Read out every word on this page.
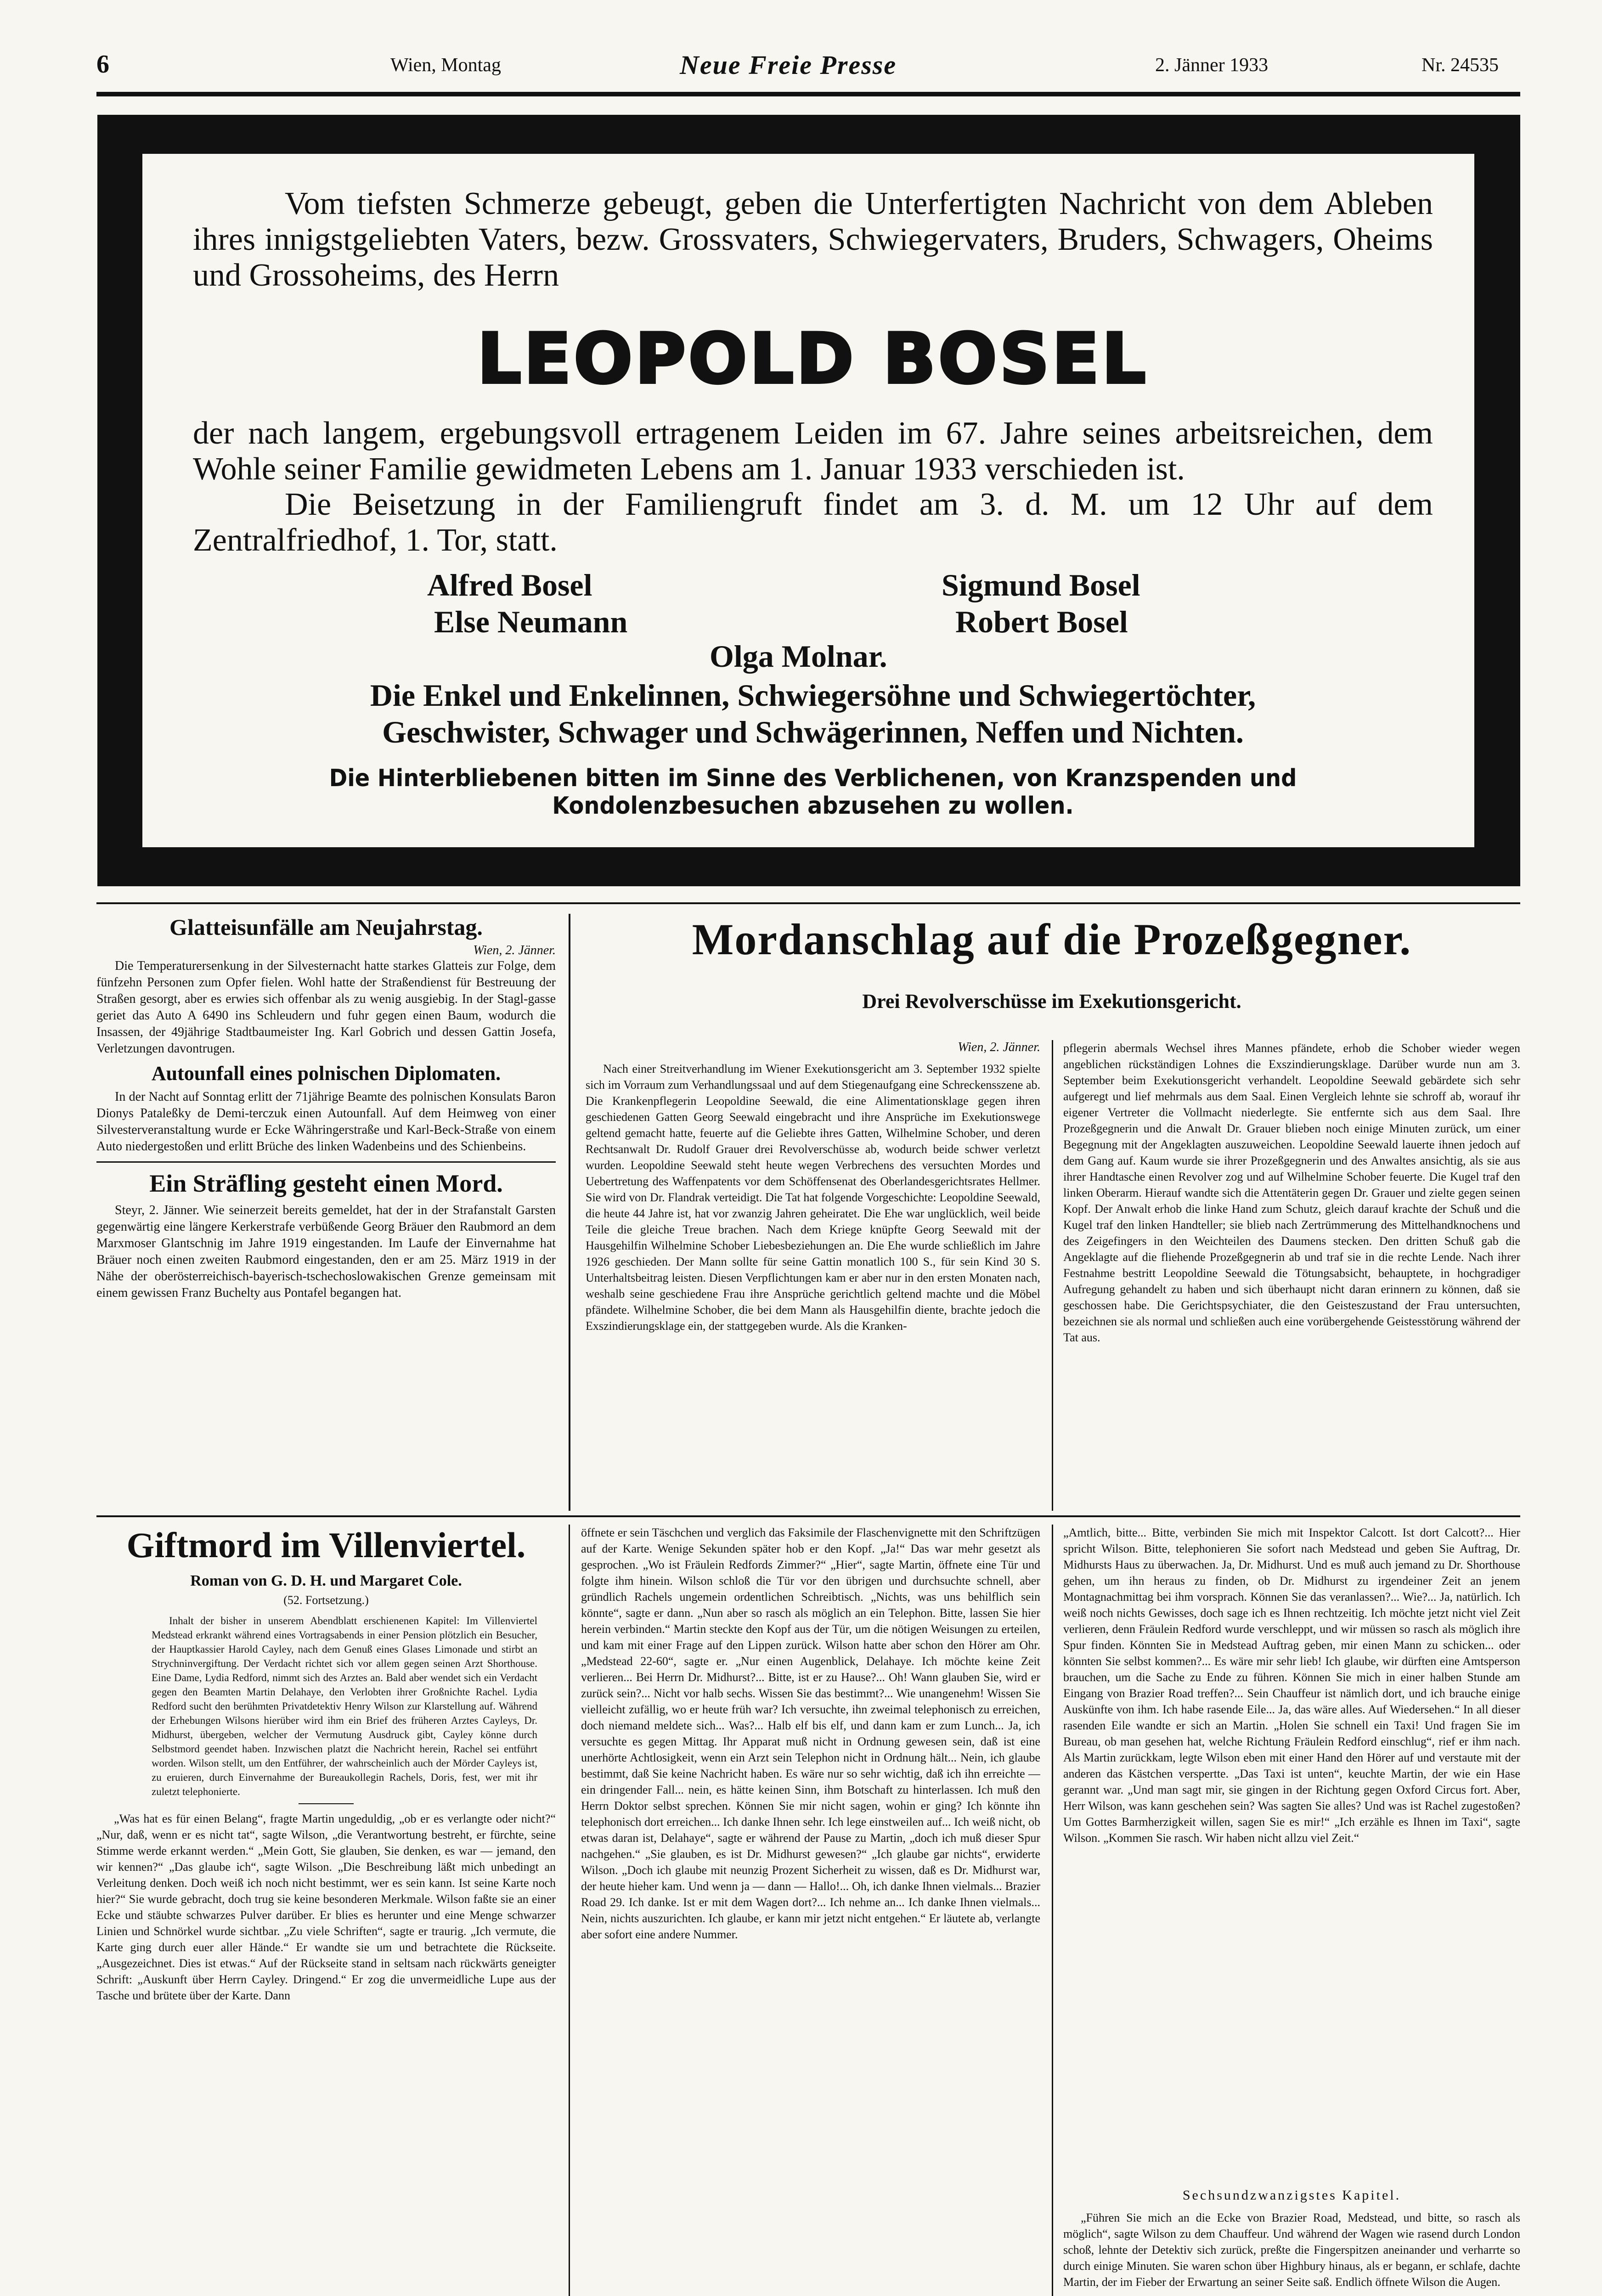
6	Wien, Montag	Neue Freie Presse	2. Jänner 1933	Nr. 24535
Vom tiefsten Schmerze gebeugt, geben die Unterfertigten Nachricht von dem Ableben ihres innigstgeliebten Vaters, bezw. Grossvaters, Schwiegervaters, Bruders, Schwagers, Oheims und Grossoheims, des Herrn
LEOPOLD BOSEL
der nach langem, ergebungsvoll ertragenem Leiden im 67. Jahre seines arbeitsreichen, dem Wohle seiner Familie gewidmeten Lebens am 1. Januar 1933 verschieden ist.
Die Beisetzung in der Familiengruft findet am 3. d. M. um 12 Uhr auf dem Zentralfriedhof, 1. Tor, statt.
Alfred Bosel	Sigmund Bosel
Else Neumann	Robert Bosel
Olga Molnar.
Die Enkel und Enkelinnen, Schwiegersöhne und Schwiegertöchter,
Geschwister, Schwager und Schwägerinnen, Neffen und Nichten.
Die Hinterbliebenen bitten im Sinne des Verblichenen, von Kranzspenden und Kondolenzbesuchen abzusehen zu wollen.
Glatteisunfälle am Neujahrstag.
Wien, 2. Jänner.

Die Temperaturersenkung in der Silvesternacht hatte starkes Glatteis zur Folge, dem fünfzehn Personen zum Opfer fielen. Wohl hatte der Straßendienst für Bestreuung der Straßen gesorgt, aber es erwies sich offenbar als zu wenig ausgiebig. In der Stagl-gasse geriet das Auto A 6490 ins Schleudern und fuhr gegen einen Baum, wodurch die Insassen, der 49jährige Stadtbaumeister Ing. Karl Gobrich und dessen Gattin Josefa, Verletzungen davontrugen.

Autounfall eines polnischen Diplomaten.

In der Nacht auf Sonntag erlitt der 71jährige Beamte des polnischen Konsulats Baron Dionys Pataleßky de Demi-terczuk einen Autounfall. Auf dem Heimweg von einer Silvesterveranstaltung wurde er Ecke Währingerstraße und Karl-Beck-Straße von einem Auto niedergestoßen und erlitt Brüche des linken Wadenbeins und des Schienbeins.

Ein Sträfling gesteht einen Mord.

Steyr, 2. Jänner. Wie seinerzeit bereits gemeldet, hat der in der Strafanstalt Garsten gegenwärtig eine längere Kerkerstrafe verbüßende Georg Bräuer den Raubmord an dem Marxmoser Glantschnig im Jahre 1919 eingestanden. Im Laufe der Einvernahme hat Bräuer noch einen zweiten Raubmord eingestanden, den er am 25. März 1919 in der Nähe der oberösterreichisch-bayerisch-tschechoslowakischen Grenze gemeinsam mit einem gewissen Franz Buchelty aus Pontafel begangen hat.

Mordanschlag auf die Prozeßgegner.
Drei Revolverschüsse im Exekutionsgericht.
Wien, 2. Jänner.

Nach einer Streitverhandlung im Wiener Exekutionsgericht am 3. September 1932 spielte sich im Vorraum zum Verhandlungssaal und auf dem Stiegenaufgang eine Schreckensszene ab. Die Krankenpflegerin Leopoldine Seewald, die eine Alimentationsklage gegen ihren geschiedenen Gatten Georg Seewald eingebracht und ihre Ansprüche im Exekutionswege geltend gemacht hatte, feuerte auf die Geliebte ihres Gatten, Wilhelmine Schober, und deren Rechtsanwalt Dr. Rudolf Grauer drei Revolverschüsse ab, wodurch beide schwer verletzt wurden. Leopoldine Seewald steht heute wegen Verbrechens des versuchten Mordes und Uebertretung des Waffenpatents vor dem Schöffensenat des Oberlandesgerichtsrates Hellmer. Sie wird von Dr. Flandrak verteidigt. Die Tat hat folgende Vorgeschichte: Leopoldine Seewald, die heute 44 Jahre ist, hat vor zwanzig Jahren geheiratet. Die Ehe war unglücklich, weil beide Teile die gleiche Treue brachen. Nach dem Kriege knüpfte Georg Seewald mit der Hausgehilfin Wilhelmine Schober Liebesbeziehungen an. Die Ehe wurde schließlich im Jahre 1926 geschieden. Der Mann sollte für seine Gattin monatlich 100 S., für sein Kind 30 S. Unterhaltsbeitrag leisten. Diesen Verpflichtungen kam er aber nur in den ersten Monaten nach, weshalb seine geschiedene Frau ihre Ansprüche gerichtlich geltend machte und die Möbel pfändete. Wilhelmine Schober, die bei dem Mann als Hausgehilfin diente, brachte jedoch die Exszindierungsklage ein, der stattgegeben wurde. Als die Kranken-

pflegerin abermals Wechsel ihres Mannes pfändete, erhob die Schober wieder wegen angeblichen rückständigen Lohnes die Exszindierungsklage. Darüber wurde nun am 3. September beim Exekutionsgericht verhandelt. Leopoldine Seewald gebärdete sich sehr aufgeregt und lief mehrmals aus dem Saal. Einen Vergleich lehnte sie schroff ab, worauf ihr eigener Vertreter die Vollmacht niederlegte. Sie entfernte sich aus dem Saal. Ihre Prozeßgegnerin und die Anwalt Dr. Grauer blieben noch einige Minuten zurück, um einer Begegnung mit der Angeklagten auszuweichen. Leopoldine Seewald lauerte ihnen jedoch auf dem Gang auf. Kaum wurde sie ihrer Prozeßgegnerin und des Anwaltes ansichtig, als sie aus ihrer Handtasche einen Revolver zog und auf Wilhelmine Schober feuerte. Die Kugel traf den linken Oberarm. Hierauf wandte sich die Attentäterin gegen Dr. Grauer und zielte gegen seinen Kopf. Der Anwalt erhob die linke Hand zum Schutz, gleich darauf krachte der Schuß und die Kugel traf den linken Handteller; sie blieb nach Zertrümmerung des Mittelhandknochens und des Zeigefingers in den Weichteilen des Daumens stecken. Den dritten Schuß gab die Angeklagte auf die fliehende Prozeßgegnerin ab und traf sie in die rechte Lende. Nach ihrer Festnahme bestritt Leopoldine Seewald die Tötungsabsicht, behauptete, in hochgradiger Aufregung gehandelt zu haben und sich überhaupt nicht daran erinnern zu können, daß sie geschossen habe. Die Gerichtspsychiater, die den Geisteszustand der Frau untersuchten, bezeichnen sie als normal und schließen auch eine vorübergehende Geistesstörung während der Tat aus.

Giftmord im Villenviertel.
Roman von G. D. H. und Margaret Cole.
(52. Fortsetzung.)

Inhalt der bisher in unserem Abendblatt erschienenen Kapitel: Im Villenviertel Medstead erkrankt während eines Vortragsabends in einer Pension plötzlich ein Besucher, der Hauptkassier Harold Cayley, nach dem Genuß eines Glases Limonade und stirbt an Strychninvergiftung. Der Verdacht richtet sich vor allem gegen seinen Arzt Shorthouse. Eine Dame, Lydia Redford, nimmt sich des Arztes an. Bald aber wendet sich ein Verdacht gegen den Beamten Martin Delahaye, den Verlobten ihrer Großnichte Rachel. Lydia Redford sucht den berühmten Privatdetektiv Henry Wilson zur Klarstellung auf. Während der Erhebungen Wilsons hierüber wird ihm ein Brief des früheren Arztes Cayleys, Dr. Midhurst, übergeben, welcher der Vermutung Ausdruck gibt, Cayley könne durch Selbstmord geendet haben. Inzwischen platzt die Nachricht herein, Rachel sei entführt worden. Wilson stellt, um den Entführer, der wahrscheinlich auch der Mörder Cayleys ist, zu eruieren, durch Einvernahme der Bureaukollegin Rachels, Doris, fest, wer mit ihr zuletzt telephonierte.

„Was hat es für einen Belang“, fragte Martin ungeduldig, „ob er es verlangte oder nicht?“ „Nur, daß, wenn er es nicht tat“, sagte Wilson, „die Verantwortung bestreht, er fürchte, seine Stimme werde erkannt werden.“ „Mein Gott, Sie glauben, Sie denken, es war — jemand, den wir kennen?“ „Das glaube ich“, sagte Wilson. „Die Beschreibung läßt mich unbedingt an Verleitung denken. Doch weiß ich noch nicht bestimmt, wer es sein kann. Ist seine Karte noch hier?“ Sie wurde gebracht, doch trug sie keine besonderen Merkmale. Wilson faßte sie an einer Ecke und stäubte schwarzes Pulver darüber. Er blies es herunter und eine Menge schwarzer Linien und Schnörkel wurde sichtbar. „Zu viele Schriften“, sagte er traurig. „Ich vermute, die Karte ging durch euer aller Hände.“ Er wandte sie um und betrachtete die Rückseite. „Ausgezeichnet. Dies ist etwas.“ Auf der Rückseite stand in seltsam nach rückwärts geneigter Schrift: „Auskunft über Herrn Cayley. Dringend.“ Er zog die unvermeidliche Lupe aus der Tasche und brütete über der Karte. Dann

öffnete er sein Täschchen und verglich das Faksimile der Flaschenvignette mit den Schriftzügen auf der Karte. Wenige Sekunden später hob er den Kopf. „Ja!“ Das war mehr gesetzt als gesprochen. „Wo ist Fräulein Redfords Zimmer?“ „Hier“, sagte Martin, öffnete eine Tür und folgte ihm hinein. Wilson schloß die Tür vor den übrigen und durchsuchte schnell, aber gründlich Rachels ungemein ordentlichen Schreibtisch. „Nichts, was uns behilflich sein könnte“, sagte er dann. „Nun aber so rasch als möglich an ein Telephon. Bitte, lassen Sie hier herein verbinden.“ Martin steckte den Kopf aus der Tür, um die nötigen Weisungen zu erteilen, und kam mit einer Frage auf den Lippen zurück. Wilson hatte aber schon den Hörer am Ohr. „Medstead 22-60“, sagte er. „Nur einen Augenblick, Delahaye. Ich möchte keine Zeit verlieren... Bei Herrn Dr. Midhurst?... Bitte, ist er zu Hause?... Oh! Wann glauben Sie, wird er zurück sein?... Nicht vor halb sechs. Wissen Sie das bestimmt?... Wie unangenehm! Wissen Sie vielleicht zufällig, wo er heute früh war? Ich versuchte, ihn zweimal telephonisch zu erreichen, doch niemand meldete sich... Was?... Halb elf bis elf, und dann kam er zum Lunch... Ja, ich versuchte es gegen Mittag. Ihr Apparat muß nicht in Ordnung gewesen sein, daß ist eine unerhörte Achtlosigkeit, wenn ein Arzt sein Telephon nicht in Ordnung hält... Nein, ich glaube bestimmt, daß Sie keine Nachricht haben. Es wäre nur so sehr wichtig, daß ich ihn erreichte — ein dringender Fall... nein, es hätte keinen Sinn, ihm Botschaft zu hinterlassen. Ich muß den Herrn Doktor selbst sprechen. Können Sie mir nicht sagen, wohin er ging? Ich könnte ihn telephonisch dort erreichen... Ich danke Ihnen sehr. Ich lege einstweilen auf... Ich weiß nicht, ob etwas daran ist, Delahaye“, sagte er während der Pause zu Martin, „doch ich muß dieser Spur nachgehen.“ „Sie glauben, es ist Dr. Midhurst gewesen?“ „Ich glaube gar nichts“, erwiderte Wilson. „Doch ich glaube mit neunzig Prozent Sicherheit zu wissen, daß es Dr. Midhurst war, der heute hieher kam. Und wenn ja — dann — Hallo!... Oh, ich danke Ihnen vielmals... Brazier Road 29. Ich danke. Ist er mit dem Wagen dort?... Ich nehme an... Ich danke Ihnen vielmals... Nein, nichts auszurichten. Ich glaube, er kann mir jetzt nicht entgehen.“ Er läutete ab, verlangte aber sofort eine andere Nummer.

„Amtlich, bitte... Bitte, verbinden Sie mich mit Inspektor Calcott. Ist dort Calcott?... Hier spricht Wilson. Bitte, telephonieren Sie sofort nach Medstead und geben Sie Auftrag, Dr. Midhursts Haus zu überwachen. Ja, Dr. Midhurst. Und es muß auch jemand zu Dr. Shorthouse gehen, um ihn heraus zu finden, ob Dr. Midhurst zu irgendeiner Zeit an jenem Montagnachmittag bei ihm vorsprach. Können Sie das veranlassen?... Wie?... Ja, natürlich. Ich weiß noch nichts Gewisses, doch sage ich es Ihnen rechtzeitig. Ich möchte jetzt nicht viel Zeit verlieren, denn Fräulein Redford wurde verschleppt, und wir müssen so rasch als möglich ihre Spur finden. Könnten Sie in Medstead Auftrag geben, mir einen Mann zu schicken... oder könnten Sie selbst kommen?... Es wäre mir sehr lieb! Ich glaube, wir dürften eine Amtsperson brauchen, um die Sache zu Ende zu führen. Können Sie mich in einer halben Stunde am Eingang von Brazier Road treffen?... Sein Chauffeur ist nämlich dort, und ich brauche einige Auskünfte von ihm. Ich habe rasende Eile... Ja, das wäre alles. Auf Wiedersehen.“ In all dieser rasenden Eile wandte er sich an Martin. „Holen Sie schnell ein Taxi! Und fragen Sie im Bureau, ob man gesehen hat, welche Richtung Fräulein Redford einschlug“, rief er ihm nach. Als Martin zurückkam, legte Wilson eben mit einer Hand den Hörer auf und verstaute mit der anderen das Kästchen verspertte. „Das Taxi ist unten“, keuchte Martin, der wie ein Hase gerannt war. „Und man sagt mir, sie gingen in der Richtung gegen Oxford Circus fort. Aber, Herr Wilson, was kann geschehen sein? Was sagten Sie alles? Und was ist Rachel zugestoßen? Um Gottes Barmherzigkeit willen, sagen Sie es mir!“ „Ich erzähle es Ihnen im Taxi“, sagte Wilson. „Kommen Sie rasch. Wir haben nicht allzu viel Zeit.“

Sechsundzwanzigstes Kapitel.

„Führen Sie mich an die Ecke von Brazier Road, Medstead, und bitte, so rasch als möglich“, sagte Wilson zu dem Chauffeur. Und während der Wagen wie rasend durch London schoß, lehnte der Detektiv sich zurück, preßte die Fingerspitzen aneinander und verharrte so durch einige Minuten. Sie waren schon über Highbury hinaus, als er begann, er schlafe, dachte Martin, der im Fieber der Erwartung an seiner Seite saß. Endlich öffnete Wilson die Augen.
